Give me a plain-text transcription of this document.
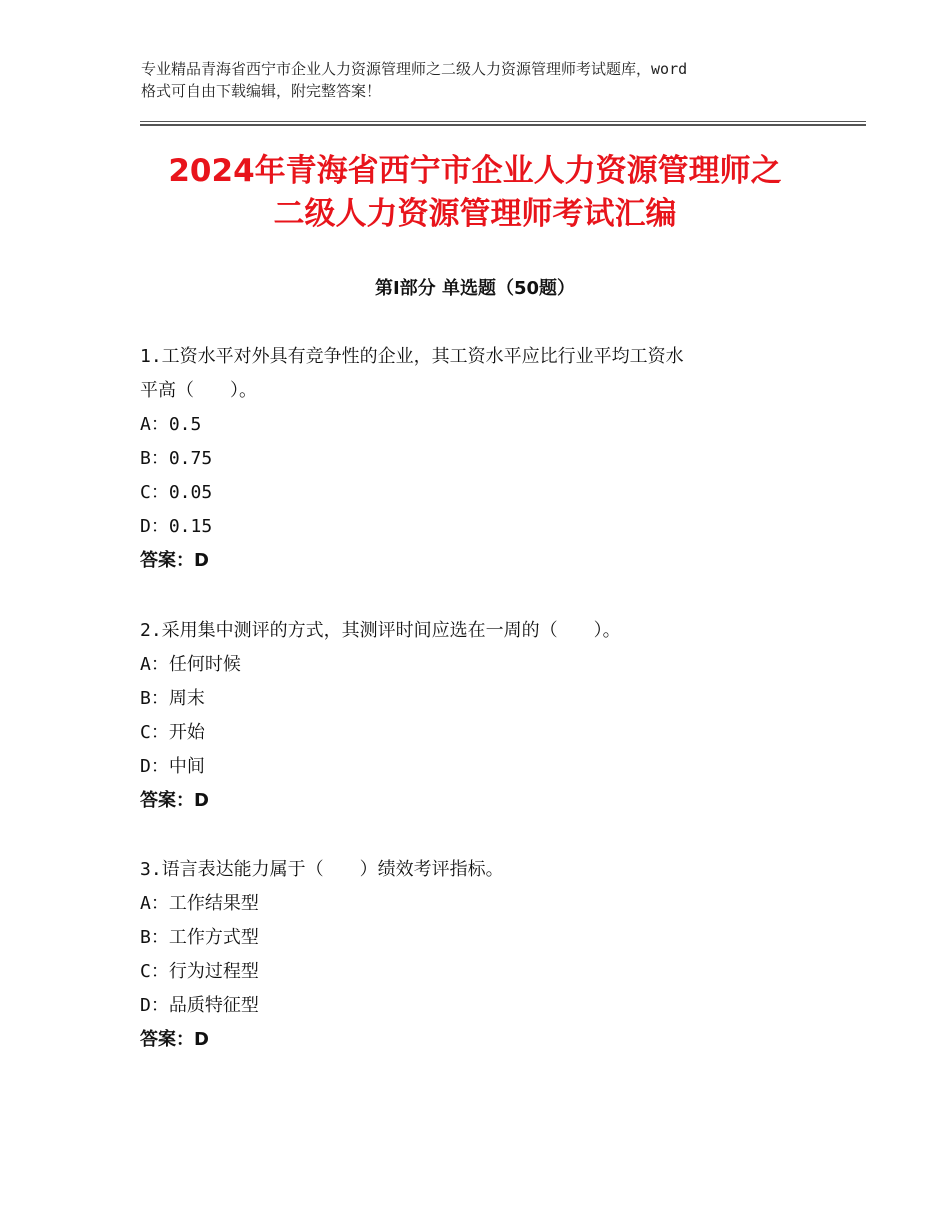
专业精品青海省西宁市企业人力资源管理师之二级人力资源管理师考试题库，word
格式可自由下载编辑，附完整答案！
2024年青海省西宁市企业人力资源管理师之
二级人力资源管理师考试汇编
第Ⅰ部分 单选题（50题）
1.工资水平对外具有竞争性的企业，其工资水平应比行业平均工资水
平高（　　）。
A：0.5
B：0.75
C：0.05
D：0.15
答案：D
2.采用集中测评的方式，其测评时间应选在一周的（　　）。
A：任何时候
B：周末
C：开始
D：中间
答案：D
3.语言表达能力属于（　　）绩效考评指标。
A：工作结果型
B：工作方式型
C：行为过程型
D：品质特征型
答案：D
